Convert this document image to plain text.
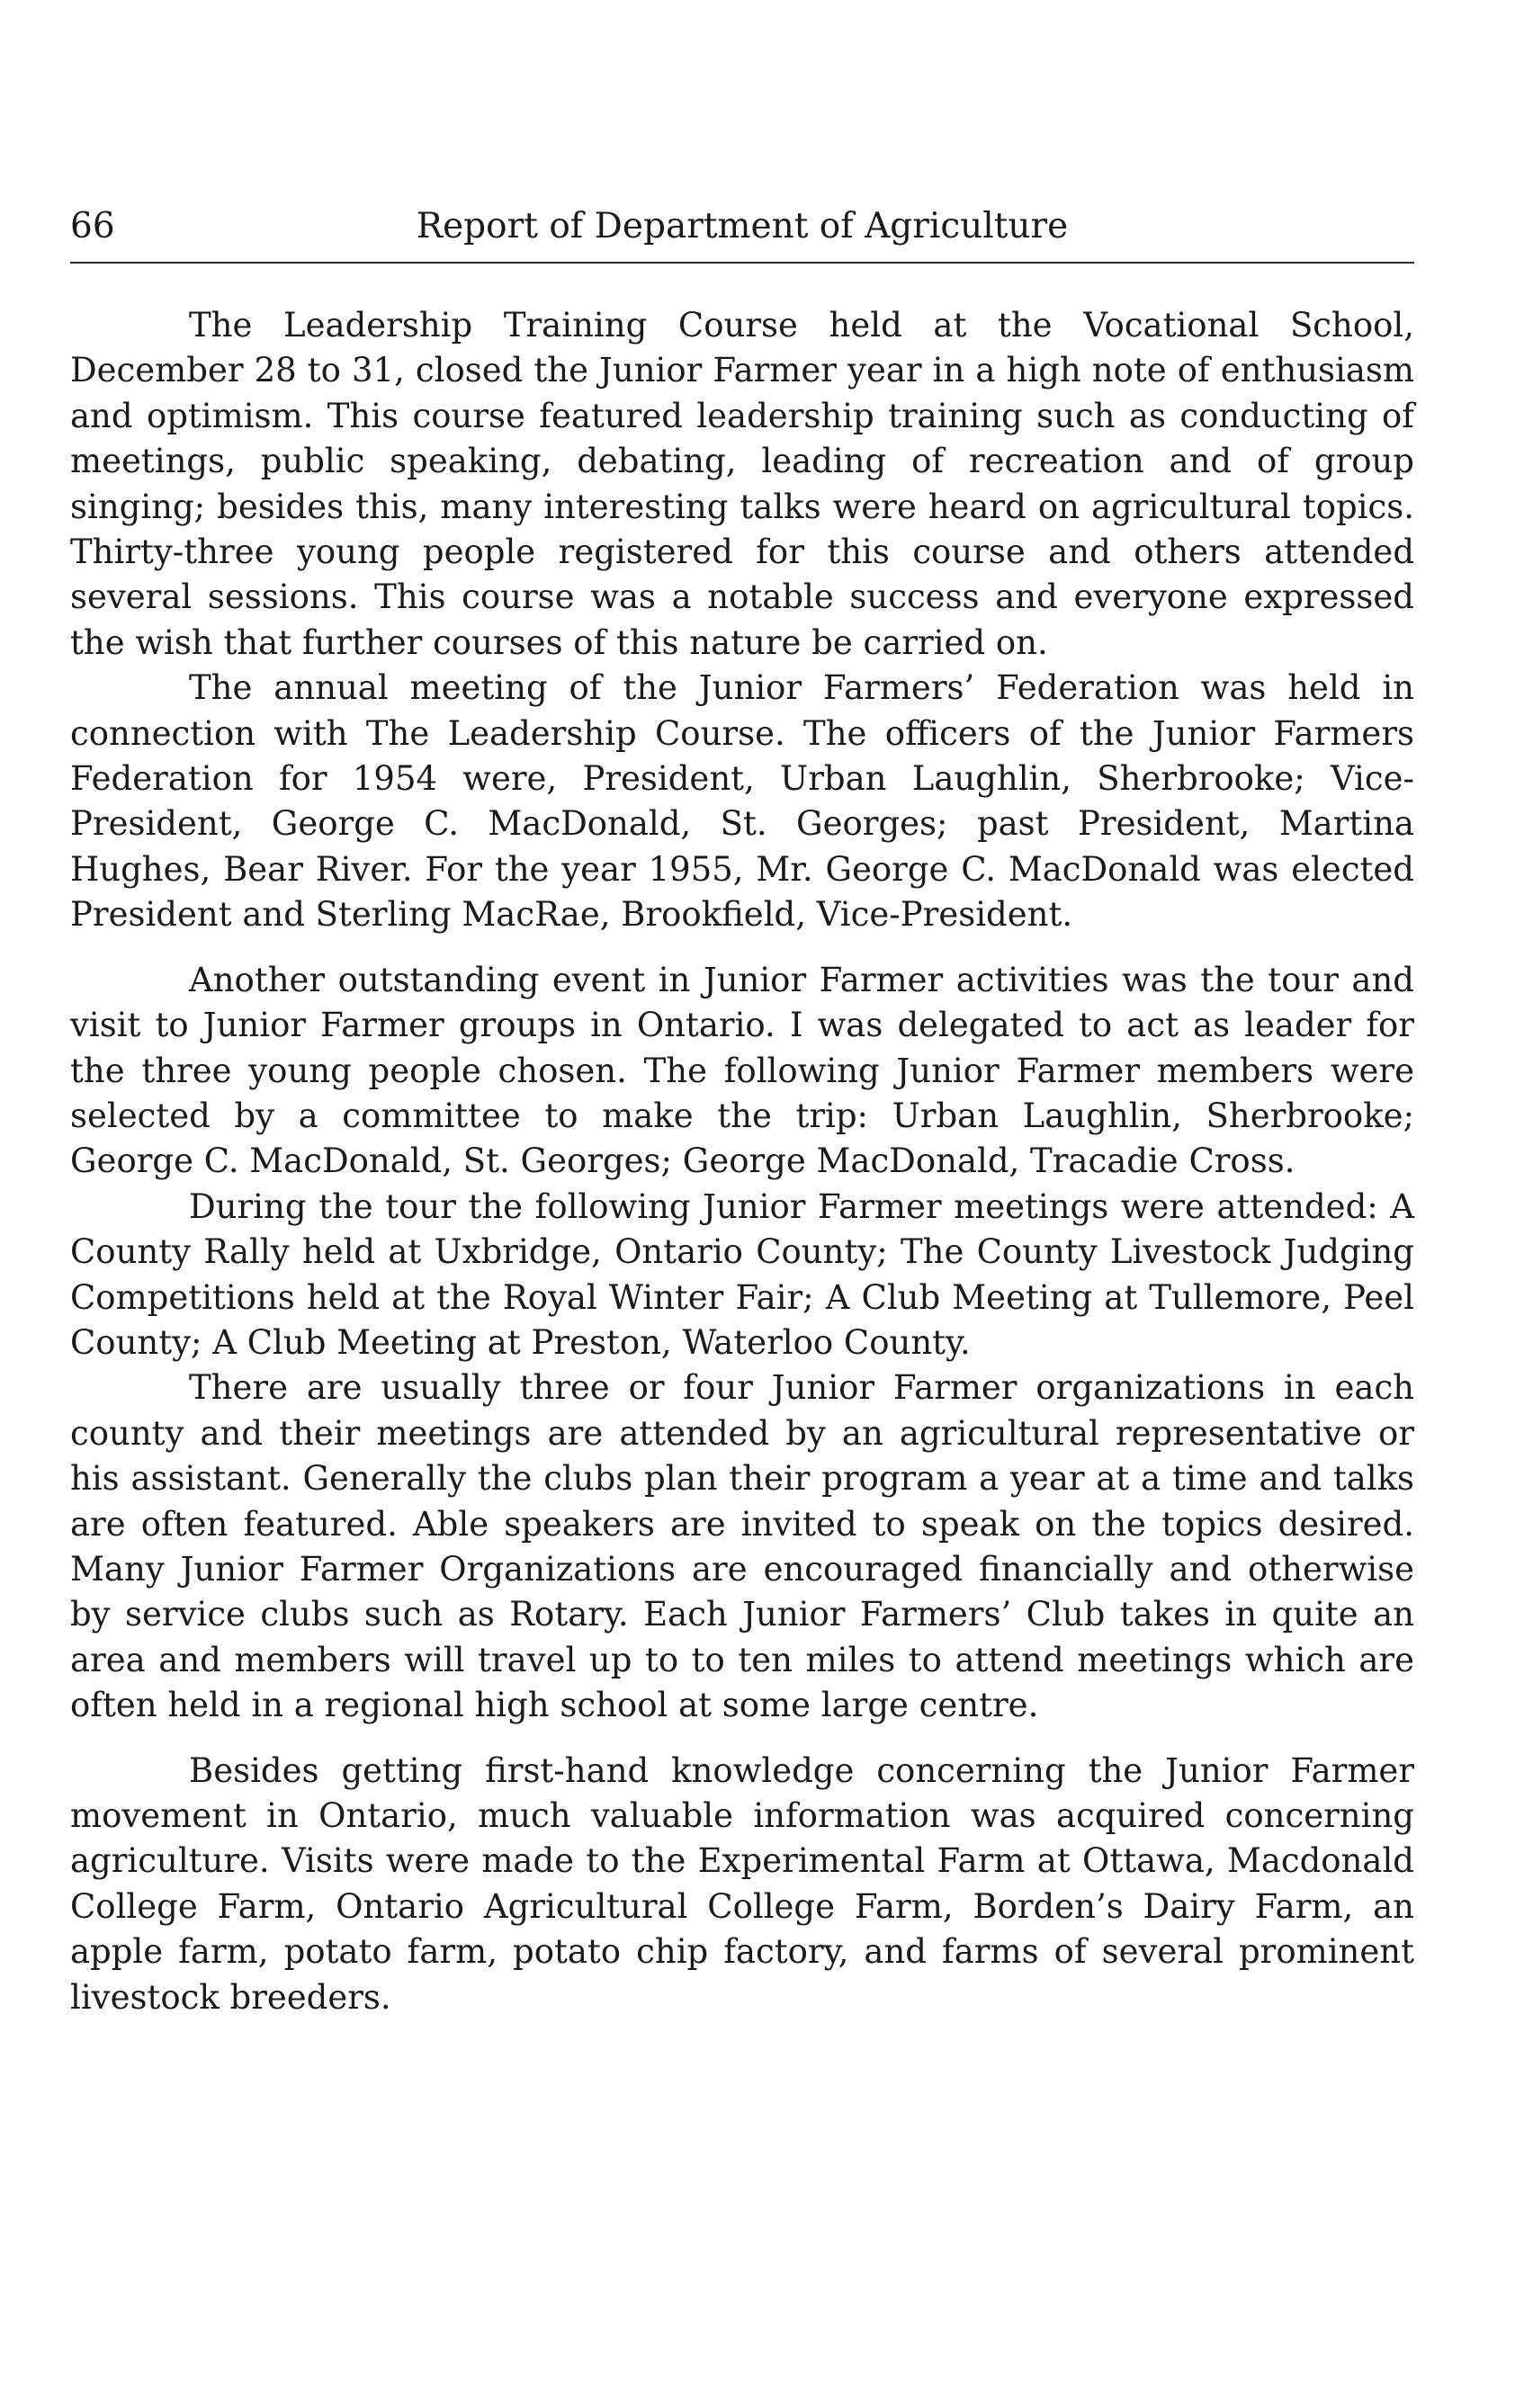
66	Report of Department of Agriculture

The Leadership Training Course held at the Vocational School, December 28 to 31, closed the Junior Farmer year in a high note of enthusiasm and optimism. This course featured leadership training such as conducting of meetings, public speaking, debating, leading of recreation and of group singing; besides this, many interesting talks were heard on agricultural topics. Thirty-three young people registered for this course and others attended several sessions. This course was a notable success and everyone expressed the wish that further courses of this nature be carried on.

The annual meeting of the Junior Farmers’ Federation was held in connection with The Leadership Course. The officers of the Junior Farmers Federation for 1954 were, President, Urban Laughlin, Sherbrooke; Vice-President, George C. MacDonald, St. Georges; past President, Martina Hughes, Bear River. For the year 1955, Mr. George C. MacDonald was elected President and Sterling MacRae, Brookfield, Vice-President.

Another outstanding event in Junior Farmer activities was the tour and visit to Junior Farmer groups in Ontario. I was delegated to act as leader for the three young people chosen. The following Junior Farmer members were selected by a committee to make the trip: Urban Laughlin, Sherbrooke; George C. MacDonald, St. Georges; George MacDonald, Tracadie Cross.

During the tour the following Junior Farmer meetings were attended: A County Rally held at Uxbridge, Ontario County; The County Livestock Judging Competitions held at the Royal Winter Fair; A Club Meeting at Tullemore, Peel County; A Club Meeting at Preston, Waterloo County.

There are usually three or four Junior Farmer organizations in each county and their meetings are attended by an agricultural representative or his assistant. Generally the clubs plan their program a year at a time and talks are often featured. Able speakers are invited to speak on the topics desired. Many Junior Farmer Organizations are encouraged financially and otherwise by service clubs such as Rotary. Each Junior Farmers’ Club takes in quite an area and members will travel up to to ten miles to attend meetings which are often held in a regional high school at some large centre.

Besides getting first-hand knowledge concerning the Junior Farmer movement in Ontario, much valuable information was acquired concerning agriculture. Visits were made to the Experimental Farm at Ottawa, Macdonald College Farm, Ontario Agricultural College Farm, Borden’s Dairy Farm, an apple farm, potato farm, potato chip factory, and farms of several prominent livestock breeders.
